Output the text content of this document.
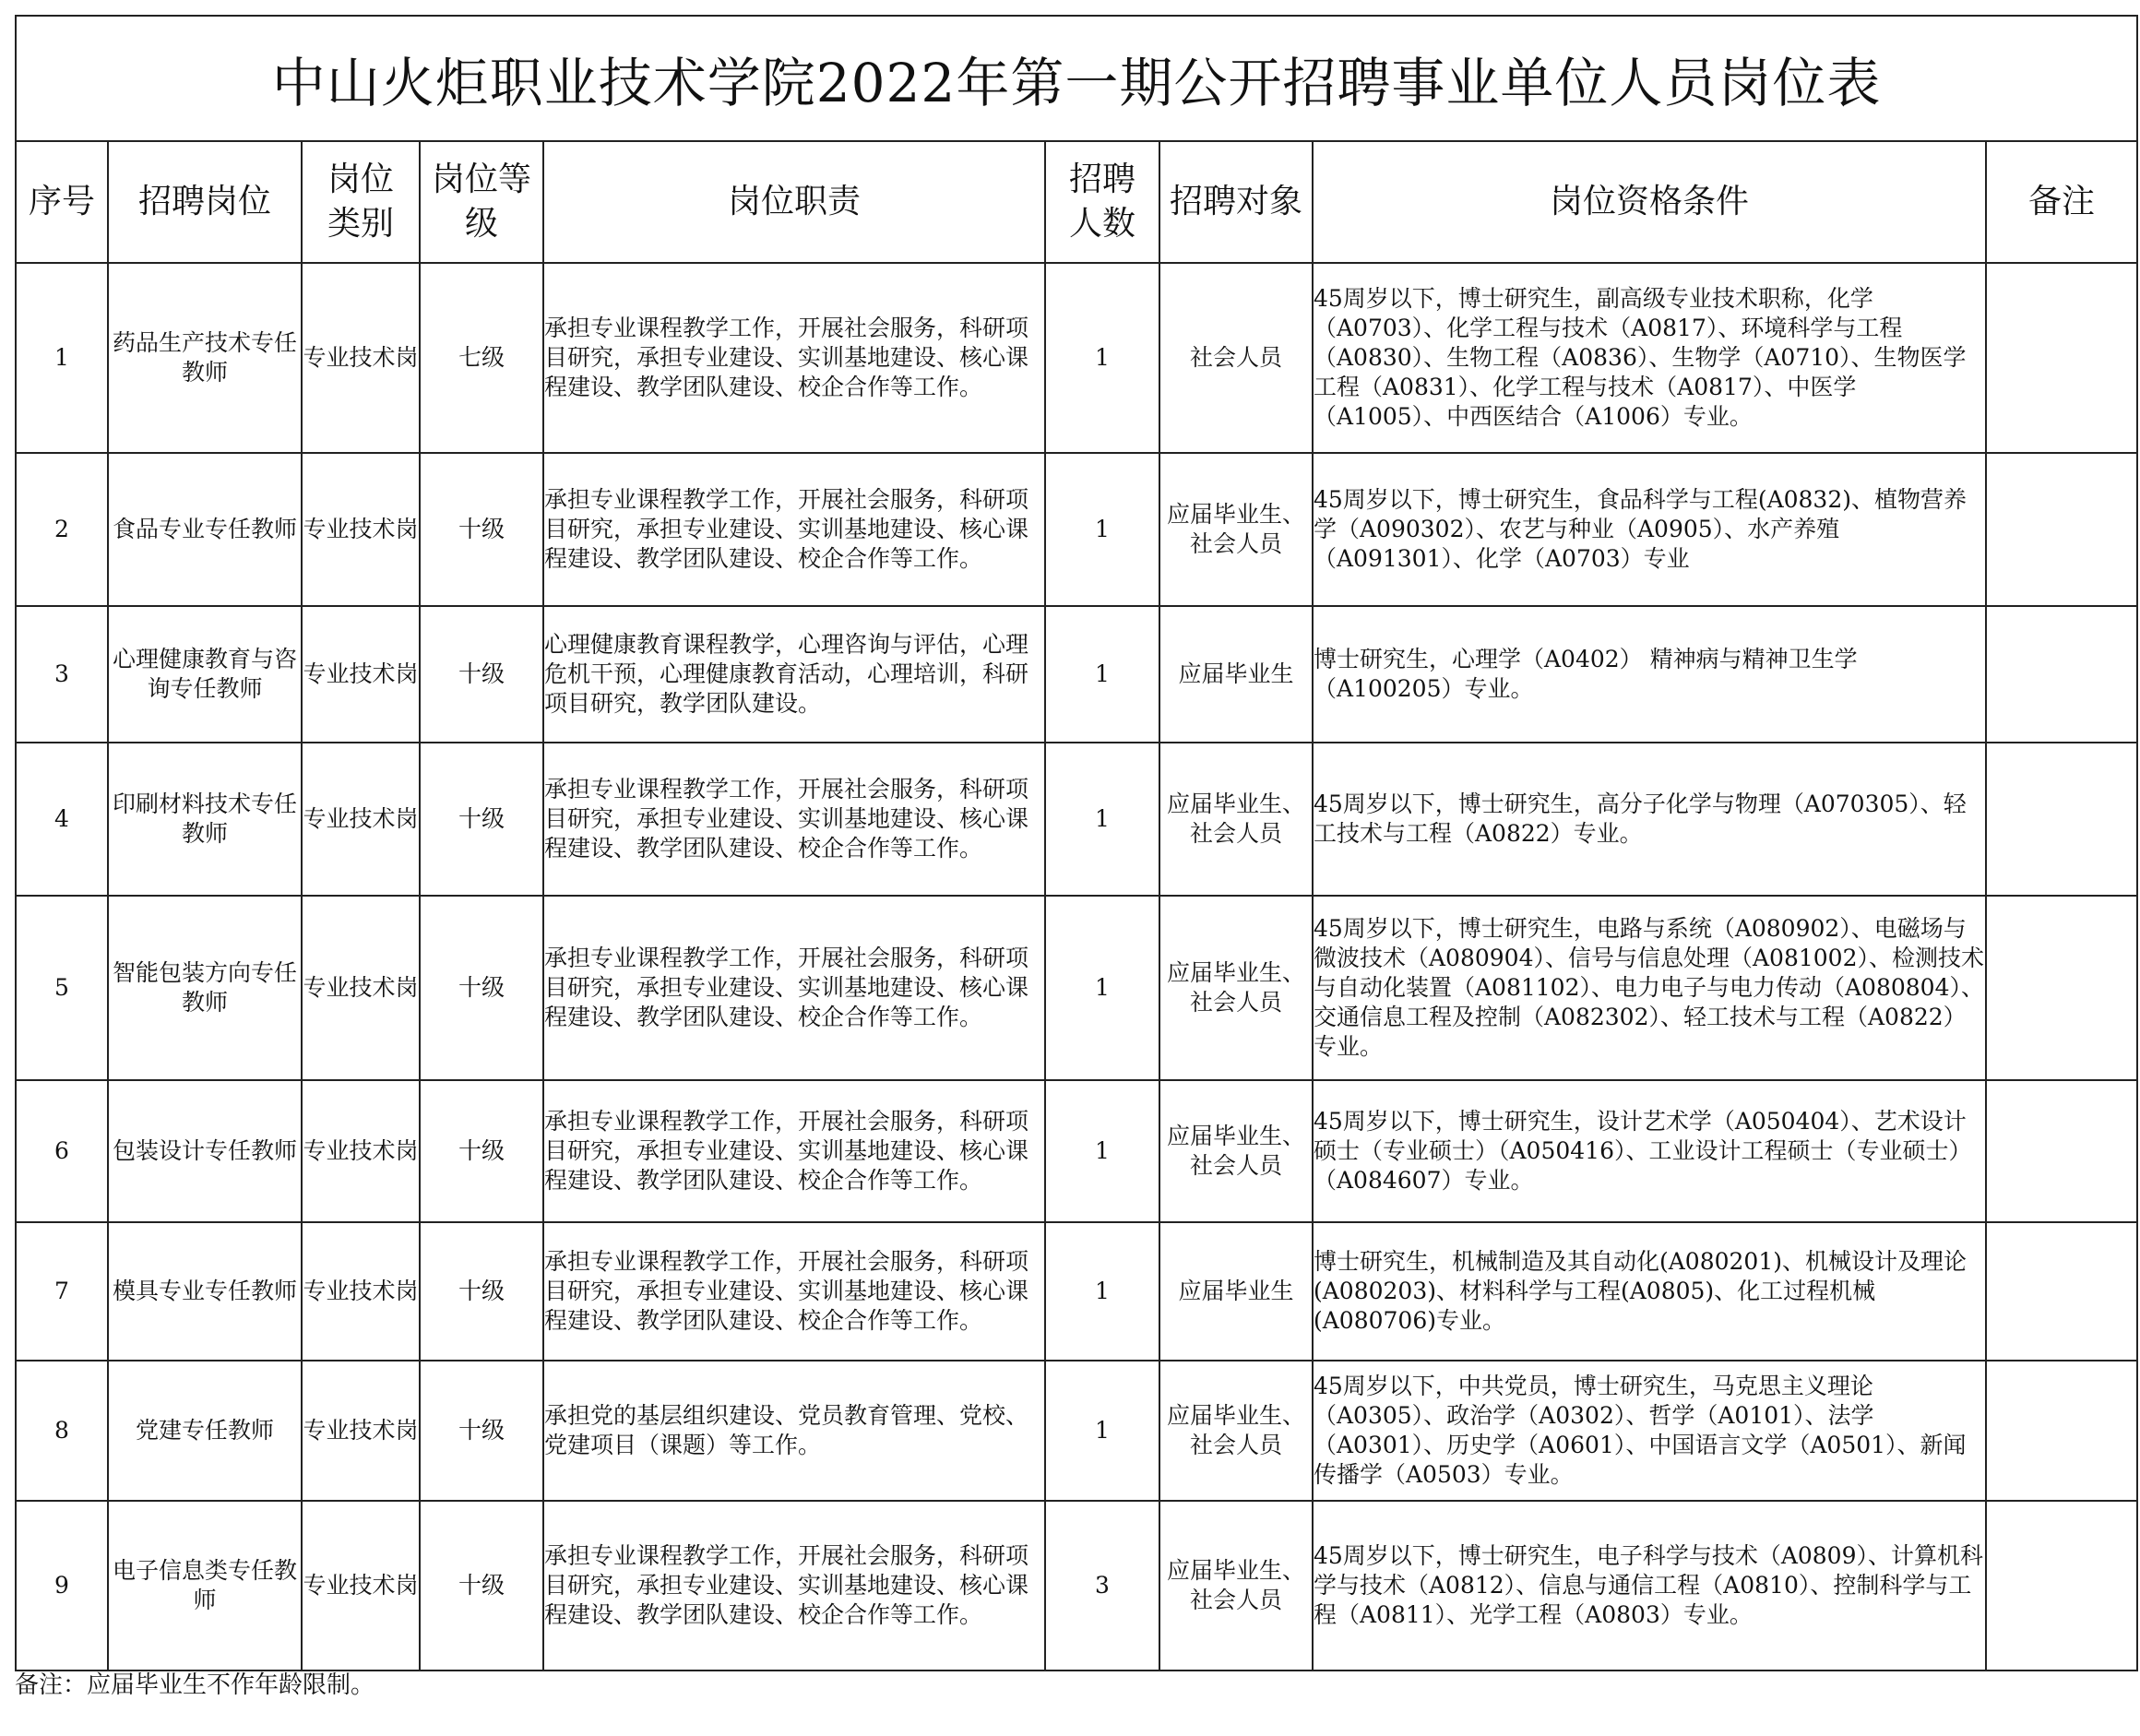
中山火炬职业技术学院2022年第一期公开招聘事业单位人员岗位表								
序号	招聘岗位	岗位类别	岗位等级	岗位职责	招聘人数	招聘对象	岗位资格条件	备注
1	药品生产技术专任教师	专业技术岗	七级	承担专业课程教学工作，开展社会服务，科研项目研究，承担专业建设、实训基地建设、核心课程建设、教学团队建设、校企合作等工作。	1	社会人员	45周岁以下，博士研究生，副高级专业技术职称，化学（A0703）、化学工程与技术（A0817）、环境科学与工程（A0830）、生物工程（A0836）、生物学（A0710）、生物医学工程（A0831）、化学工程与技术（A0817）、中医学（A1005）、中西医结合（A1006）专业。	
2	食品专业专任教师	专业技术岗	十级	承担专业课程教学工作，开展社会服务，科研项目研究，承担专业建设、实训基地建设、核心课程建设、教学团队建设、校企合作等工作。	1	应届毕业生、社会人员	45周岁以下，博士研究生，食品科学与工程(A0832)、植物营养学（A090302）、农艺与种业（A0905）、水产养殖（A091301）、化学（A0703）专业	
3	心理健康教育与咨询专任教师	专业技术岗	十级	心理健康教育课程教学，心理咨询与评估，心理危机干预，心理健康教育活动，心理培训，科研项目研究，教学团队建设。	1	应届毕业生	博士研究生，心理学（A0402） 精神病与精神卫生学（A100205）专业。	
4	印刷材料技术专任教师	专业技术岗	十级	承担专业课程教学工作，开展社会服务，科研项目研究，承担专业建设、实训基地建设、核心课程建设、教学团队建设、校企合作等工作。	1	应届毕业生、社会人员	45周岁以下，博士研究生，高分子化学与物理（A070305）、轻工技术与工程（A0822）专业。	
5	智能包装方向专任教师	专业技术岗	十级	承担专业课程教学工作，开展社会服务，科研项目研究，承担专业建设、实训基地建设、核心课程建设、教学团队建设、校企合作等工作。	1	应届毕业生、社会人员	45周岁以下，博士研究生，电路与系统（A080902）、电磁场与微波技术（A080904）、信号与信息处理（A081002）、检测技术与自动化装置（A081102）、电力电子与电力传动（A080804）、交通信息工程及控制（A082302）、轻工技术与工程（A0822）专业。	
6	包装设计专任教师	专业技术岗	十级	承担专业课程教学工作，开展社会服务，科研项目研究，承担专业建设、实训基地建设、核心课程建设、教学团队建设、校企合作等工作。	1	应届毕业生、社会人员	45周岁以下，博士研究生，设计艺术学（A050404）、艺术设计硕士（专业硕士）（A050416）、工业设计工程硕士（专业硕士）（A084607）专业。	
7	模具专业专任教师	专业技术岗	十级	承担专业课程教学工作，开展社会服务，科研项目研究，承担专业建设、实训基地建设、核心课程建设、教学团队建设、校企合作等工作。	1	应届毕业生	博士研究生，机械制造及其自动化(A080201)、机械设计及理论(A080203)、材料科学与工程(A0805)、化工过程机械(A080706)专业。	
8	党建专任教师	专业技术岗	十级	承担党的基层组织建设、党员教育管理、党校、党建项目（课题）等工作。	1	应届毕业生、社会人员	45周岁以下，中共党员，博士研究生，马克思主义理论（A0305）、政治学（A0302）、哲学（A0101）、法学（A0301）、历史学（A0601）、中国语言文学（A0501）、新闻传播学（A0503）专业。	
9	电子信息类专任教师	专业技术岗	十级	承担专业课程教学工作，开展社会服务，科研项目研究，承担专业建设、实训基地建设、核心课程建设、教学团队建设、校企合作等工作。	3	应届毕业生、社会人员	45周岁以下，博士研究生，电子科学与技术（A0809）、计算机科学与技术（A0812）、信息与通信工程（A0810）、控制科学与工程（A0811）、光学工程（A0803）专业。	
备注：应届毕业生不作年龄限制。
